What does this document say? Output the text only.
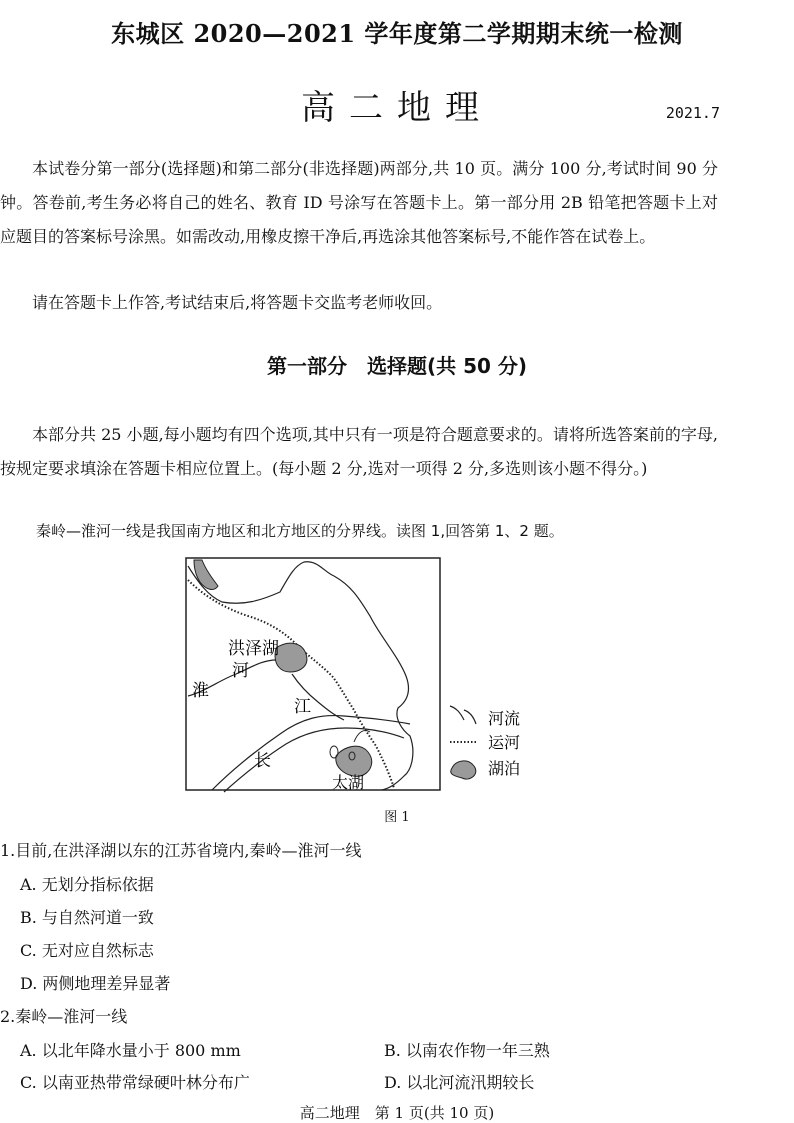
东城区 2020—2021 学年度第二学期期末统一检测
高二地理	2021.7
本试卷分第一部分(选择题)和第二部分(非选择题)两部分,共 10 页。满分 100 分,考试时间 90 分钟。答卷前,考生务必将自己的姓名、教育 ID 号涂写在答题卡上。第一部分用 2B 铅笔把答题卡上对应题目的答案标号涂黑。如需改动,用橡皮擦干净后,再选涂其他答案标号,不能作答在试卷上。
请在答题卡上作答,考试结束后,将答题卡交监考老师收回。
第一部分　选择题(共 50 分)
本部分共 25 小题,每小题均有四个选项,其中只有一项是符合题意要求的。请将所选答案前的字母,按规定要求填涂在答题卡相应位置上。(每小题 2 分,选对一项得 2 分,多选则该小题不得分。)
秦岭—淮河一线是我国南方地区和北方地区的分界线。读图 1,回答第 1、2 题。
洪泽湖
河
淮
江
长
太湖
河流
运河
湖泊
图 1
1.目前,在洪泽湖以东的江苏省境内,秦岭—淮河一线
A. 无划分指标依据
B. 与自然河道一致
C. 无对应自然标志
D. 两侧地理差异显著
2.秦岭—淮河一线
A. 以北年降水量小于 800 mm	B. 以南农作物一年三熟
C. 以南亚热带常绿硬叶林分布广	D. 以北河流汛期较长
高二地理　第 1 页(共 10 页)
